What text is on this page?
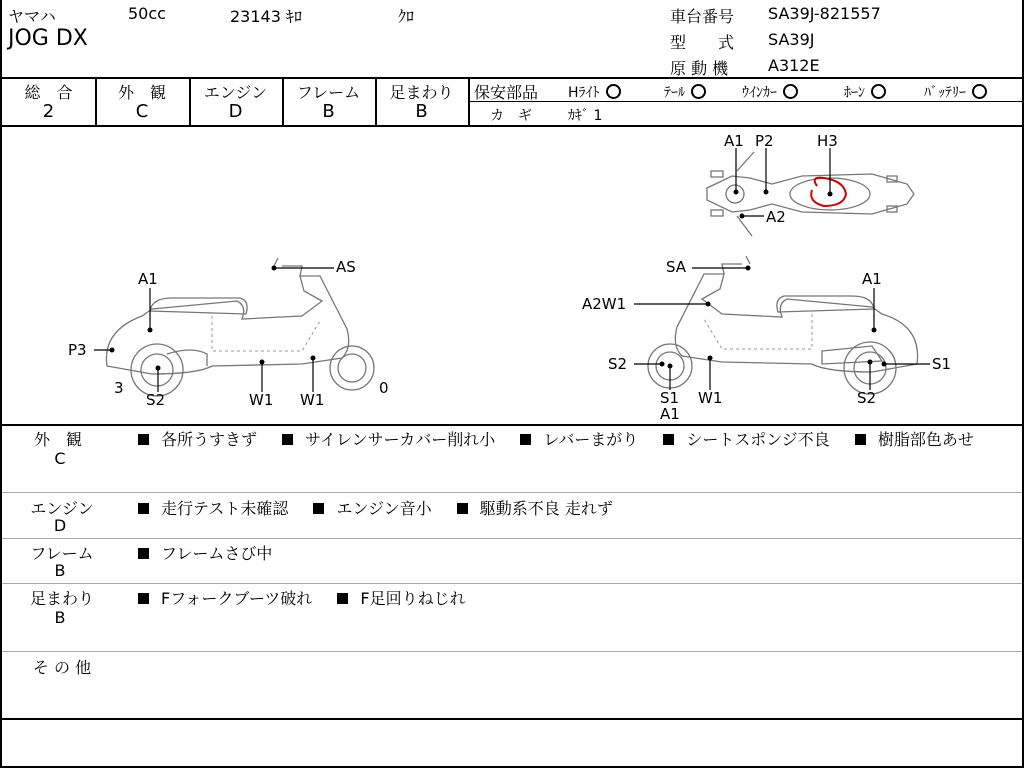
ヤマハ	50cc	23143 ｷﾛ	ｸﾛ
JOG DX
車台番号 SA39J-821557
型　　式 SA39J
原 動 機 A312E
総　合
2
外　観
C
エンジン
D
フレーム
B
足まわり
B
保安部品 Hﾗｲﾄ	ﾃｰﾙ	ｳｲﾝｶｰ	ﾎｰﾝ	ﾊﾞｯﾃﾘｰ
カ　ギ	ｶｷﾞ 1
A1 P2	H3
A2
A1
AS
P3
3
S2	W1 W1
0
SA
A1
A2W1
S2
S1
A1
W1	S2
S1
外　観
C
各所うすきず	サイレンサーカバー削れ小	レバーまがり	シートスポンジ不良	樹脂部色あせ
エンジン
D
走行テスト未確認	エンジン音小	駆動系不良 走れず
フレーム
B
フレームさび中
足まわり
B
Fフォークブーツ破れ	F足回りねじれ
そ の 他
